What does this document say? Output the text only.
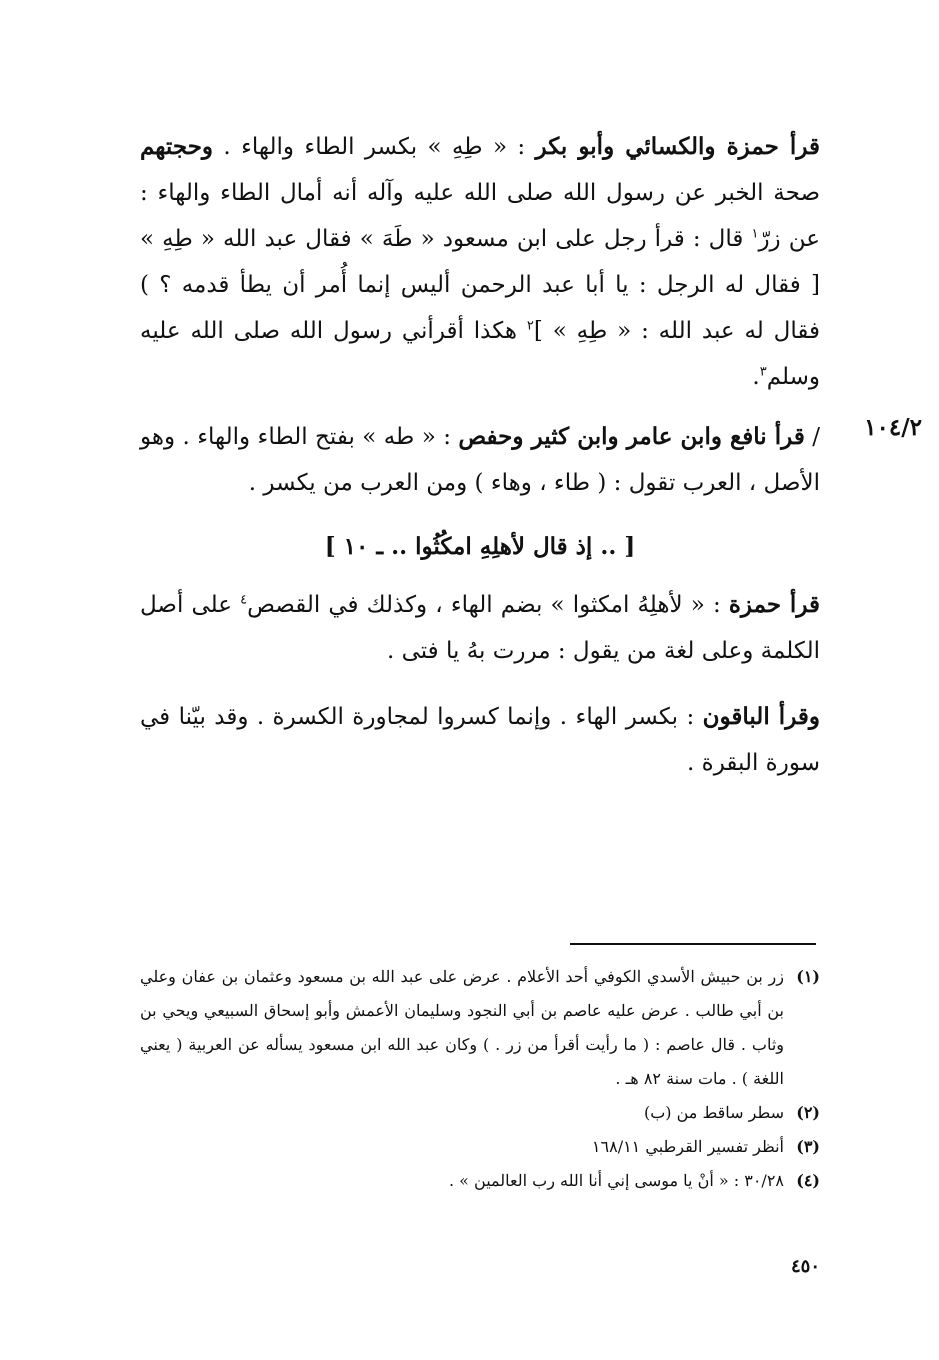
قرأ حمزة والكسائي وأبو بكر : « طِهِ » بكسر الطاء والهاء . وحجتهم صحة الخبر عن رسول الله صلى الله عليه وآله أنه أمال الطاء والهاء : عن زرّ$^١$ قال : قرأ رجل على ابن مسعود « طَهَ » فقال عبد الله « طِهِ » [ فقال له الرجل : يا أبا عبد الرحمن أليس إنما أُمر أن يطأ قدمه ؟ ) فقال له عبد الله : « طِهِ » ]$^٢$ هكذا أقرأني رسول الله صلى الله عليه وسلم$^٣$.
١٠٤/٢
/ قرأ نافع وابن عامر وابن كثير وحفص : « طه » بفتح الطاء والهاء . وهو الأصل ، العرب تقول : ( طاء ، وهاء ) ومن العرب من يكسر .
[ .. إذ قال لأهلِهِ امكُثُوا .. ـ ١٠ ]
قرأ حمزة : « لأهلِهُ امكثوا » بضم الهاء ، وكذلك في القصص$^٤$ على أصل الكلمة وعلى لغة من يقول : مررت بهُ يا فتى .
وقرأ الباقون : بكسر الهاء . وإنما كسروا لمجاورة الكسرة . وقد بيّنا في سورة البقرة .
(١)
زر بن حبيش الأسدي الكوفي أحد الأعلام . عرض على عبد الله بن مسعود وعثمان بن عفان وعلي بن أبي طالب . عرض عليه عاصم بن أبي النجود وسليمان الأعمش وأبو إسحاق السبيعي ويحي بن وثاب . قال عاصم : ( ما رأيت أقرأ من زر . ) وكان عبد الله ابن مسعود يسأله عن العربية ( يعني اللغة ) . مات سنة ٨٢ هـ .
(٢)
سطر ساقط من (ب)
(٣)
أنظر تفسير القرطبي ١٦٨/١١
(٤)
٣٠/٢٨ : « أنْ يا موسى إني أنا الله رب العالمين » .
٤٥٠
